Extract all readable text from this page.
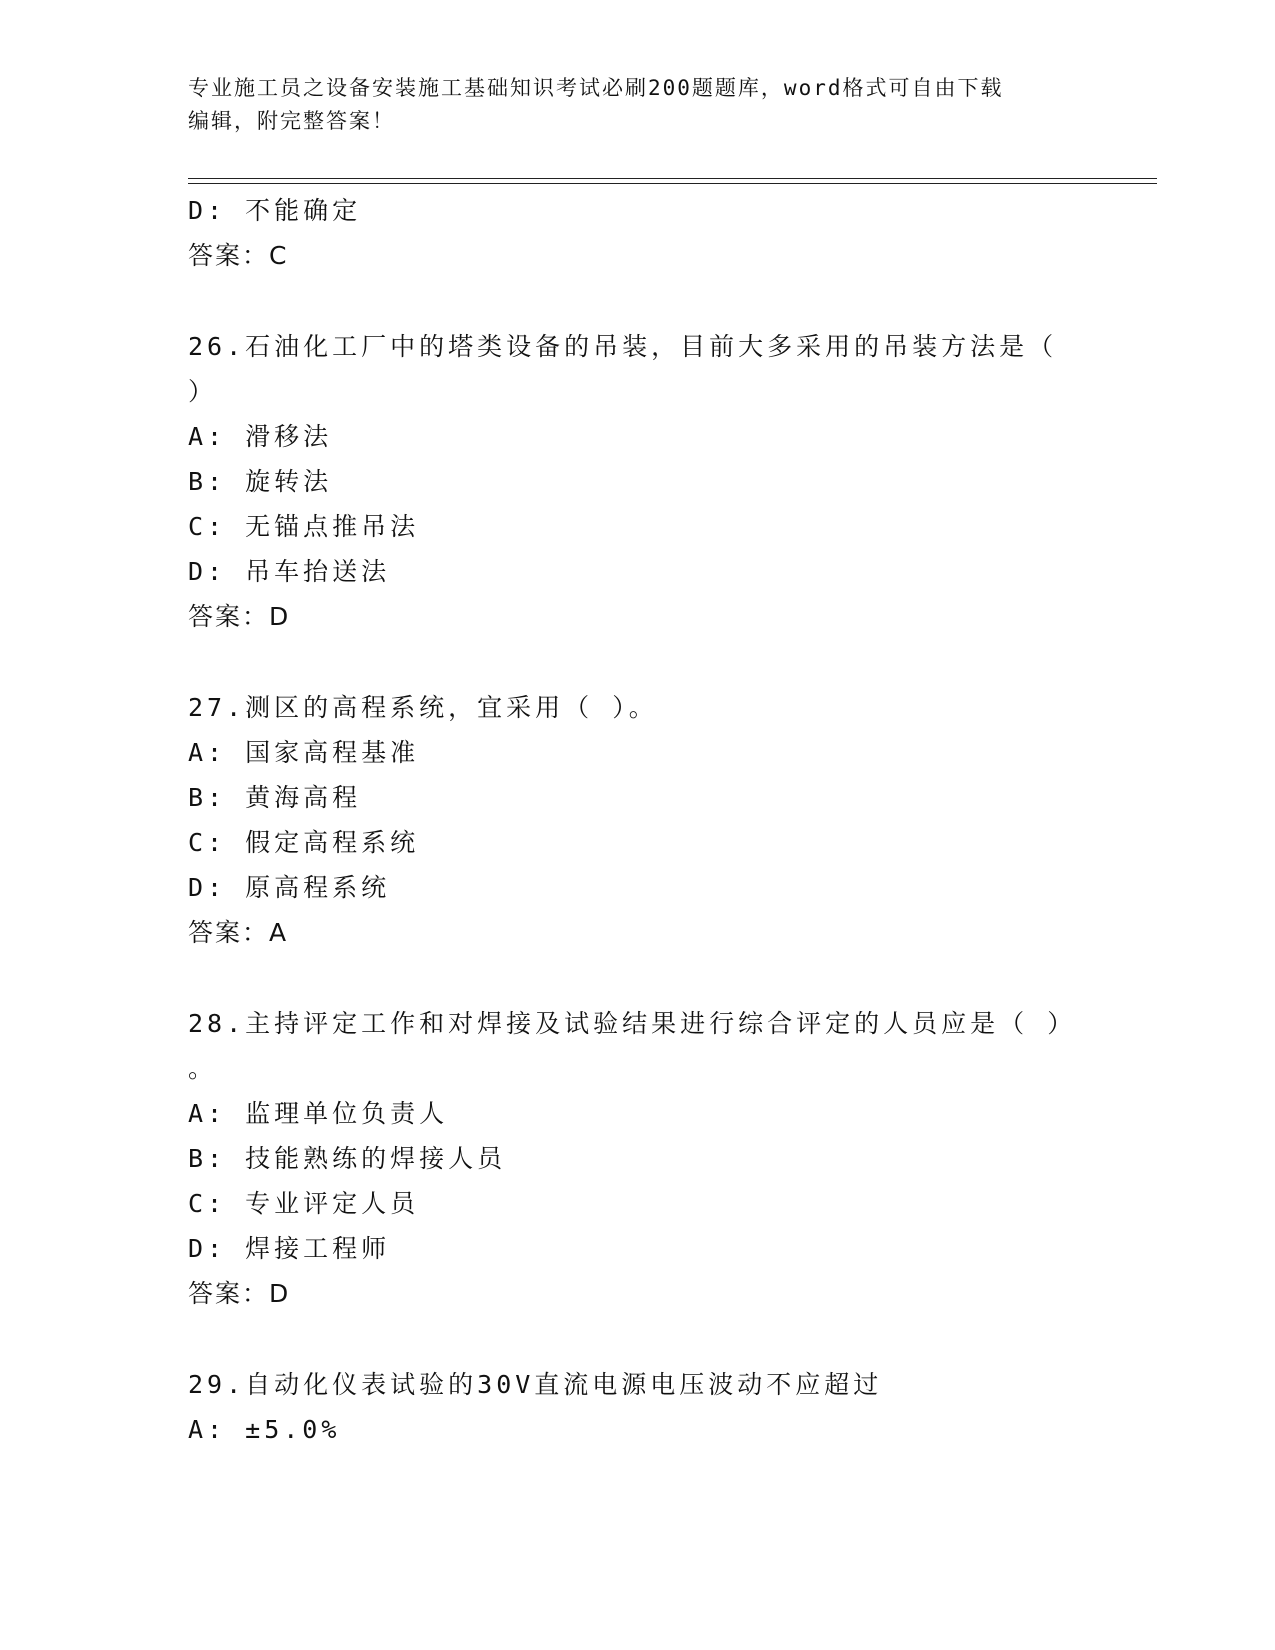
专业施工员之设备安装施工基础知识考试必刷200题题库，word格式可自由下载
编辑，附完整答案！
D: 不能确定
答案：C
26.石油化工厂中的塔类设备的吊装，目前大多采用的吊装方法是（
）
A: 滑移法
B: 旋转法
C: 无锚点推吊法
D: 吊车抬送法
答案：D
27.测区的高程系统，宜采用（ ）。
A: 国家高程基准
B: 黄海高程
C: 假定高程系统
D: 原高程系统
答案：A
28.主持评定工作和对焊接及试验结果进行综合评定的人员应是（ ）
。
A: 监理单位负责人
B: 技能熟练的焊接人员
C: 专业评定人员
D: 焊接工程师
答案：D
29.自动化仪表试验的30V直流电源电压波动不应超过
A: ±5.0%
